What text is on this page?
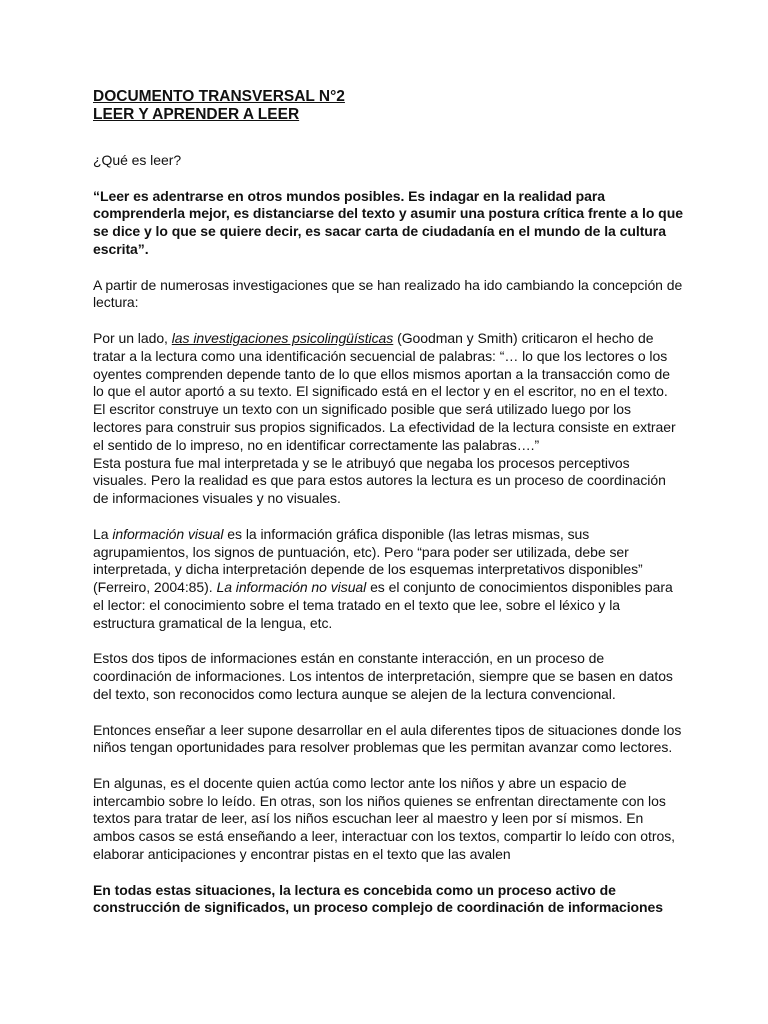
DOCUMENTO TRANSVERSAL N°2
LEER Y APRENDER A LEER

¿Qué es leer?

“Leer es adentrarse en otros mundos posibles. Es indagar en la realidad para comprenderla mejor, es distanciarse del texto y asumir una postura crítica frente a lo que se dice y lo que se quiere decir, es sacar carta de ciudadanía en el mundo de la cultura escrita”.

A partir de numerosas investigaciones que se han realizado ha ido cambiando la concepción de lectura:

Por un lado, las investigaciones psicolingüísticas (Goodman y Smith) criticaron el hecho de tratar a la lectura como una identificación secuencial de palabras: “… lo que los lectores o los oyentes comprenden depende tanto de lo que ellos mismos aportan a la transacción como de lo que el autor aportó a su texto. El significado está en el lector y en el escritor, no en el texto. El escritor construye un texto con un significado posible que será utilizado luego por los lectores para construir sus propios significados. La efectividad de la lectura consiste en extraer el sentido de lo impreso, no en identificar correctamente las palabras….”

Esta postura fue mal interpretada y se le atribuyó que negaba los procesos perceptivos visuales. Pero la realidad es que para estos autores la lectura es un proceso de coordinación de informaciones visuales y no visuales.

La información visual es la información gráfica disponible (las letras mismas, sus agrupamientos, los signos de puntuación, etc). Pero “para poder ser utilizada, debe ser interpretada, y dicha interpretación depende de los esquemas interpretativos disponibles” (Ferreiro, 2004:85). La información no visual es el conjunto de conocimientos disponibles para el lector: el conocimiento sobre el tema tratado en el texto que lee, sobre el léxico y la estructura gramatical de la lengua, etc.

Estos dos tipos de informaciones están en constante interacción, en un proceso de coordinación de informaciones. Los intentos de interpretación, siempre que se basen en datos del texto, son reconocidos como lectura aunque se alejen de la lectura convencional.

Entonces enseñar a leer supone desarrollar en el aula diferentes tipos de situaciones donde los niños tengan oportunidades para resolver problemas que les permitan avanzar como lectores.

En algunas, es el docente quien actúa como lector ante los niños y abre un espacio de intercambio sobre lo leído. En otras, son los niños quienes se enfrentan directamente con los textos para tratar de leer, así los niños escuchan leer al maestro y leen por sí mismos. En ambos casos se está enseñando a leer, interactuar con los textos, compartir lo leído con otros, elaborar anticipaciones y encontrar pistas en el texto que las avalen

En todas estas situaciones, la lectura es concebida como un proceso activo de construcción de significados, un proceso complejo de coordinación de informaciones
